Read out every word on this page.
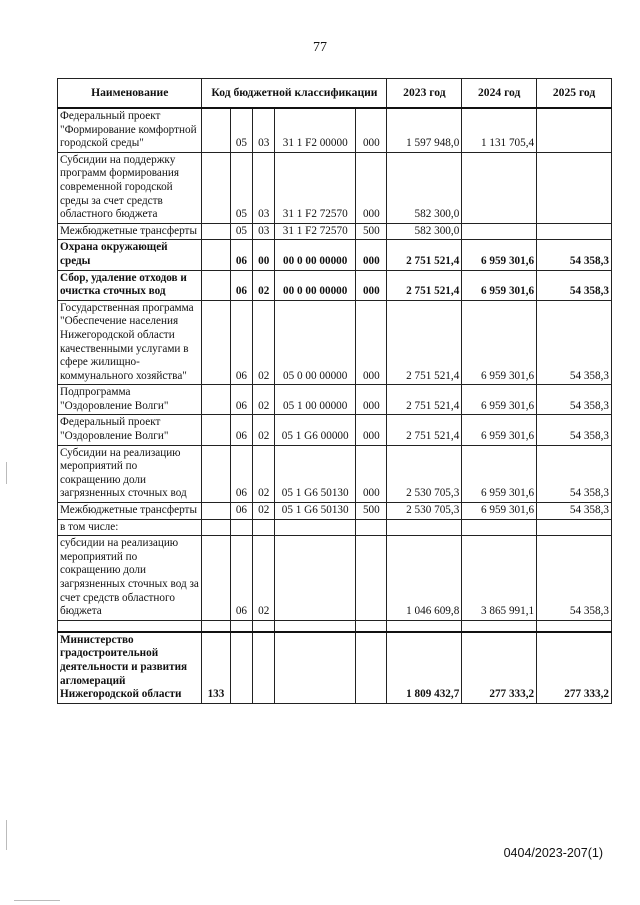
77
Наименование	Код бюджетной классификации					2023 год	2024 год	2025 год
Федеральный проект "Формирование комфортной городской среды"		05	03	31 1 F2 00000	000	1 597 948,0	1 131 705,4	
Субсидии на поддержку программ формирования современной городской среды за счет средств областного бюджета		05	03	31 1 F2 72570	000	582 300,0		
Межбюджетные трансферты		05	03	31 1 F2 72570	500	582 300,0		
Охрана окружающей среды		06	00	00 0 00 00000	000	2 751 521,4	6 959 301,6	54 358,3
Сбор, удаление отходов и очистка сточных вод		06	02	00 0 00 00000	000	2 751 521,4	6 959 301,6	54 358,3
Государственная программа "Обеспечение населения Нижегородской области качественными услугами в сфере жилищно-коммунального хозяйства"		06	02	05 0 00 00000	000	2 751 521,4	6 959 301,6	54 358,3
Подпрограмма "Оздоровление Волги"		06	02	05 1 00 00000	000	2 751 521,4	6 959 301,6	54 358,3
Федеральный проект "Оздоровление Волги"		06	02	05 1 G6 00000	000	2 751 521,4	6 959 301,6	54 358,3
Субсидии на реализацию мероприятий по сокращению доли загрязненных сточных вод		06	02	05 1 G6 50130	000	2 530 705,3	6 959 301,6	54 358,3
Межбюджетные трансферты		06	02	05 1 G6 50130	500	2 530 705,3	6 959 301,6	54 358,3
в том числе:								
субсидии на реализацию мероприятий по сокращению доли загрязненных сточных вод за счет средств областного бюджета		06	02			1 046 609,8	3 865 991,1	54 358,3

Министерство градостроительной деятельности и развития агломераций Нижегородской области	133					1 809 432,7	277 333,2	277 333,2
0404/2023-207(1)
